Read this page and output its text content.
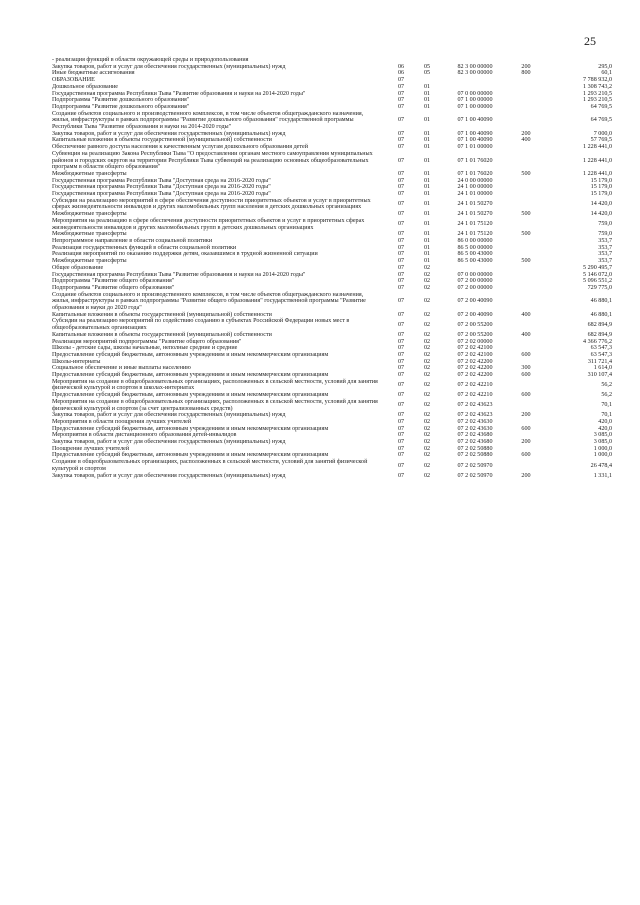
25
- реализация функций в области окружающей среды и природопользования					
Закупка товаров, работ и услуг для обеспечения государственных (муниципальных) нужд	06	05	82 3 00 00000	200	295,0
Иные бюджетные ассигнования	06	05	82 3 00 00000	800	60,1
ОБРАЗОВАНИЕ	07				7 788 932,0
Дошкольное образование	07	01			1 308 743,2
Государственная программа Республики Тыва "Развитие образования и науки на 2014-2020 годы"	07	01	07 0 00 00000		1 293 210,5
Подпрограмма "Развитие дошкольного образования"	07	01	07 1 00 00000		1 293 210,5
Подпрограмма "Развитие дошкольного образования"	07	01	07 1 00 00000		64 769,5
Создание объектов социального и производственного комплексов, в том числе объектов общегражданского назначения, жилья, инфраструктуры в рамках подпрограммы "Развитие дошкольного образования" государственной программы Республики Тыва "Развитие образования и науки на 2014-2020 годы"	07	01	07 1 00 40090		64 769,5
Закупка товаров, работ и услуг для обеспечения государственных (муниципальных) нужд	07	01	07 1 00 40090	200	7 000,0
Капитальные вложения в объекты государственной (муниципальной) собственности	07	01	07 1 00 40090	400	57 769,5
Обеспечение равного доступа населения к качественным услугам дошкольного образования детей	07	01	07 1 01 00000		1 228 441,0
Субвенция на реализацию Закона Республики Тыва "О предоставлении органам местного самоуправления муниципальных районов и городских округов на территории Республики Тыва субвенций на реализацию основных общеобразовательных программ в области общего образования"	07	01	07 1 01 76020		1 228 441,0
Межбюджетные трансферты	07	01	07 1 01 76020	500	1 228 441,0
Государственная программа Республики Тыва "Доступная среда на 2016-2020 годы"	07	01	24 0 00 00000		15 179,0
Государственная программа Республики Тыва "Доступная среда на 2016-2020 годы"	07	01	24 1 00 00000		15 179,0
Государственная программа Республики Тыва "Доступная среда на 2016-2020 годы"	07	01	24 1 01 00000		15 179,0
Субсидии на реализацию мероприятий в сфере обеспечения доступности приоритетных объектов и услуг в приоритетных сферах жизнедеятельности инвалидов и других маломобильных групп населения в детских дошкольных организациях	07	01	24 1 01 50270		14 420,0
Межбюджетные трансферты	07	01	24 1 01 50270	500	14 420,0
Мероприятия на реализацию в сфере обеспечения доступности приоритетных объектов и услуг в приоритетных сферах жизнедеятельности инвалидов и других маломобильных групп в детских дошкольных организациях	07	01	24 1 01 75120		759,0
Межбюджетные трансферты	07	01	24 1 01 75120	500	759,0
Непрограммное направление в области социальной политики	07	01	86 0 00 00000		353,7
Реализация государственных функций в области социальной политики	07	01	86 5 00 00000		353,7
Реализация мероприятий по оказанию поддержки детям, оказавшимся в трудной жизненной ситуации	07	01	86 5 00 43000		353,7
Межбюджетные трансферты	07	01	86 5 00 43000	500	353,7
Общее образование	07	02			5 290 495,7
Государственная программа Республики Тыва "Развитие образования и науки на 2014-2020 годы"	07	02	07 0 00 00000		5 146 072,0
Подпрограмма "Развитие общего образования"	07	02	07 2 00 00000		5 096 551,2
Подпрограмма "Развитие общего образования"	07	02	07 2 00 00000		729 775,0
Создание объектов социального и производственного комплексов, в том числе объектов общегражданского назначения, жилья, инфраструктуры в рамках подпрограммы "Развитие общего образования" государственной программы "Развитие образования и науки до 2020 года"	07	02	07 2 00 40090		46 880,1
Капитальные вложения в объекты государственной (муниципальной) собственности	07	02	07 2 00 40090	400	46 880,1
Субсидии на реализацию мероприятий по содействию созданию в субъектах Российской Федерации новых мест в общеобразовательных организациях	07	02	07 2 00 55200		682 894,9
Капитальные вложения в объекты государственной (муниципальной) собственности	07	02	07 2 00 55200	400	682 894,9
Реализация мероприятий подпрограммы "Развитие общего образования"	07	02	07 2 02 00000		4 366 776,2
Школы - детские сады, школы начальные, неполные средние и средние	07	02	07 2 02 42100		63 547,3
Предоставление субсидий бюджетным, автономным учреждениям и иным некоммерческим организациям	07	02	07 2 02 42100	600	63 547,3
Школы-интернаты	07	02	07 2 02 42200		311 721,4
Социальное обеспечение и иные выплаты населению	07	02	07 2 02 42200	300	1 614,0
Предоставление субсидий бюджетным, автономным учреждениям и иным некоммерческим организациям	07	02	07 2 02 42200	600	310 107,4
Мероприятия на создание в общеобразовательных организациях, расположенных в сельской местности, условий для занятия физической культурой и спортом в школах-интернатах	07	02	07 2 02 42210		56,2
Предоставление субсидий бюджетным, автономным учреждениям и иным некоммерческим организациям	07	02	07 2 02 42210	600	56,2
Мероприятия на создание в общеобразовательных организациях, расположенных в сельской местности, условий для занятия физической культурой и спортом (за счет централизованных средств)	07	02	07 2 02 43623		70,1
Закупка товаров, работ и услуг для обеспечения государственных (муниципальных) нужд	07	02	07 2 02 43623	200	70,1
Мероприятия в области поощрения лучших учителей	07	02	07 2 02 43630		420,0
Предоставление субсидий бюджетным, автономным учреждениям и иным некоммерческим организациям	07	02	07 2 02 43630	600	420,0
Мероприятия в области дистанционного образования детей-инвалидов	07	02	07 2 02 43680		3 085,0
Закупка товаров, работ и услуг для обеспечения государственных (муниципальных) нужд	07	02	07 2 02 43680	200	3 085,0
Поощрение лучших учителей	07	02	07 2 02 50880		1 000,0
Предоставление субсидий бюджетным, автономным учреждениям и иным некоммерческим организациям	07	02	07 2 02 50880	600	1 000,0
Создание в общеобразовательных организациях, расположенных в сельской местности, условий для занятий физической культурой и спортом	07	02	07 2 02 50970		26 478,4
Закупка товаров, работ и услуг для обеспечения государственных (муниципальных) нужд	07	02	07 2 02 50970	200	1 331,1
